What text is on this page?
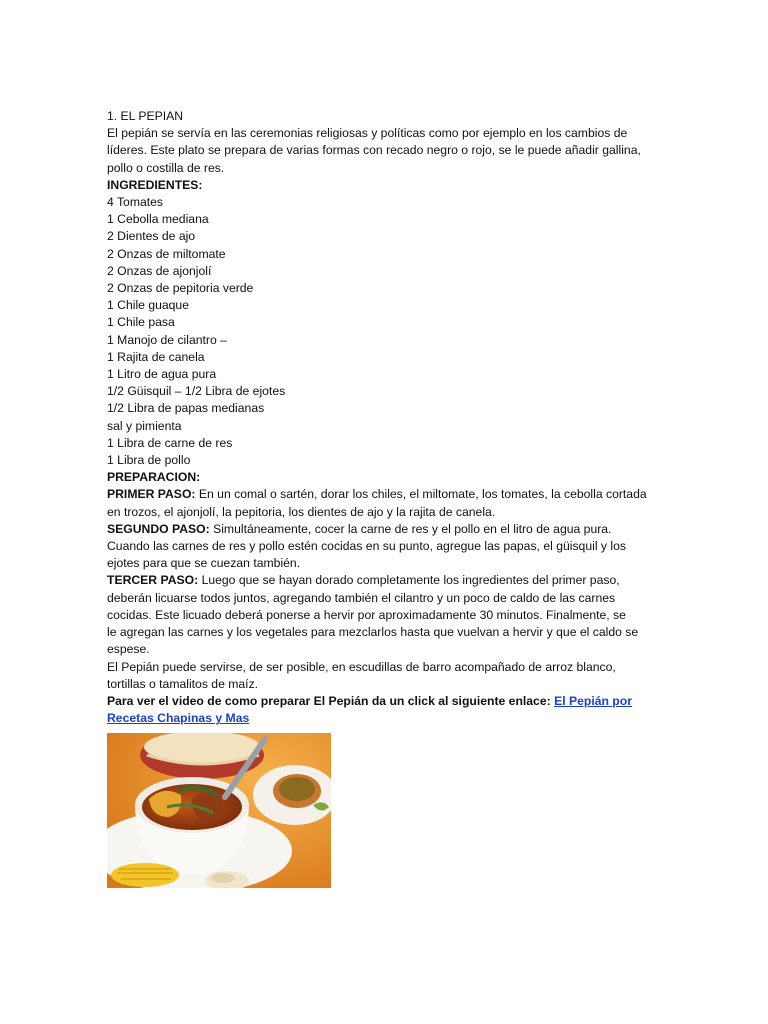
1. EL PEPIAN
El pepián se servía en las ceremonias religiosas y políticas como por ejemplo en los cambios de
líderes. Este plato se prepara de varias formas con recado negro o rojo, se le puede añadir gallina,
pollo o costilla de res.
INGREDIENTES:
4 Tomates
1 Cebolla mediana
2 Dientes de ajo
2 Onzas de miltomate
2 Onzas de ajonjolí
2 Onzas de pepitoria verde
1 Chile guaque
1 Chile pasa
1 Manojo de cilantro –
1 Rajita de canela
1 Litro de agua pura
1/2 Güisquil – 1/2 Libra de ejotes
1/2 Libra de papas medianas
sal y pimienta
1 Libra de carne de res
1 Libra de pollo
PREPARACION:
PRIMER PASO: En un comal o sartén, dorar los chiles, el miltomate, los tomates, la cebolla cortada
en trozos, el ajonjolí, la pepitoria, los dientes de ajo y la rajita de canela.
SEGUNDO PASO: Simultáneamente, cocer la carne de res y el pollo en el litro de agua pura.
Cuando las carnes de res y pollo estén cocidas en su punto, agregue las papas, el güisquil y los
ejotes para que se cuezan también.
TERCER PASO: Luego que se hayan dorado completamente los ingredientes del primer paso,
deberán licuarse todos juntos, agregando también el cilantro y un poco de caldo de las carnes
cocidas. Este licuado deberá ponerse a hervir por aproximadamente 30 minutos. Finalmente, se
le agregan las carnes y los vegetales para mezclarlos hasta que vuelvan a hervir y que el caldo se
espese.
El Pepián puede servirse, de ser posible, en escudillas de barro acompañado de arroz blanco,
tortillas o tamalitos de maíz.
Para ver el video de como preparar El Pepián da un click al siguiente enlace: El Pepián por
Recetas Chapinas y Mas
